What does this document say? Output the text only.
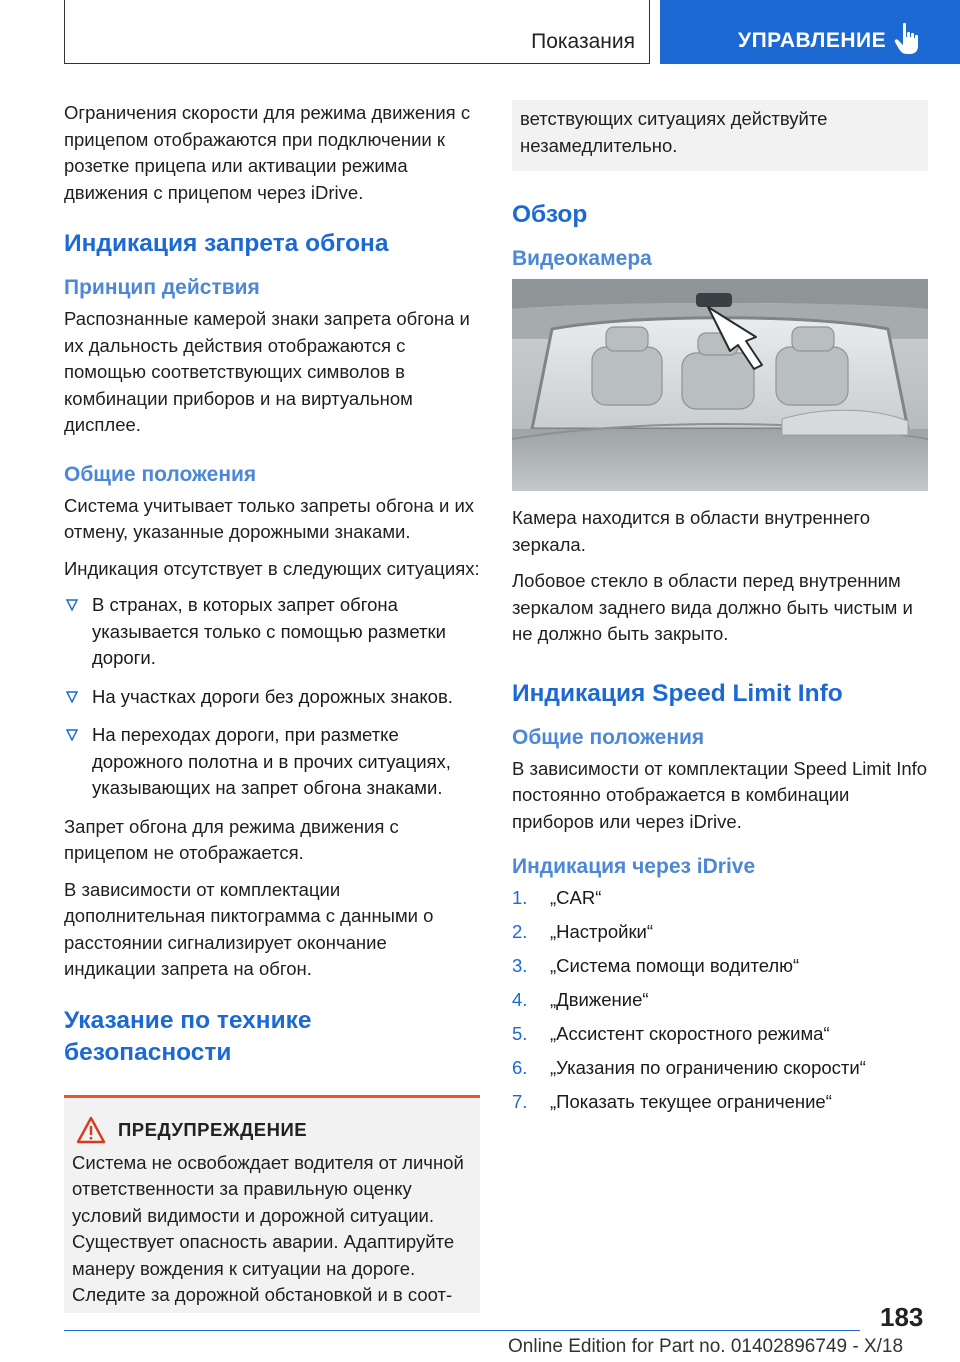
Показания	УПРАВЛЕНИЕ

Ограничения скорости для режима движения с прицепом отображаются при подключении к розетке прицепа или активации режима движения с прицепом через iDrive.

Индикация запрета обгона
Принцип действия

Распознанные камерой знаки запрета обгона и их дальность действия отображаются с помощью соответствующих символов в комбинации приборов и на виртуальном дисплее.

Общие положения

Система учитывает только запреты обгона и их отмену, указанные дорожными знаками.

Индикация отсутствует в следующих ситуациях:

В странах, в которых запрет обгона указывается только с помощью разметки дороги.
На участках дороги без дорожных знаков.
На переходах дороги, при разметке дорожного полотна и в прочих ситуациях, указывающих на запрет обгона знаками.

Запрет обгона для режима движения с прицепом не отображается.

В зависимости от комплектации дополнительная пиктограмма с данными о расстоянии сигнализирует окончание индикации запрета на обгон.

Указание по технике безопасности
ПРЕДУПРЕЖДЕНИЕ

Система не освобождает водителя от личной ответственности за правильную оценку условий видимости и дорожной ситуации. Существует опасность аварии. Адаптируйте манеру вождения к ситуации на дороге. Следите за дорожной обстановкой и в соот-

ветствующих ситуациях действуйте незамедлительно.

Обзор
Видеокамера

Камера находится в области внутреннего зеркала.

Лобовое стекло в области перед внутренним зеркалом заднего вида должно быть чистым и не должно быть закрыто.

Индикация Speed Limit Info
Общие положения

В зависимости от комплектации Speed Limit Info постоянно отображается в комбинации приборов или через iDrive.

Индикация через iDrive
1. „CAR“
2. „Настройки“
3. „Система помощи водителю“
4. „Движение“
5. „Ассистент скоростного режима“
6. „Указания по ограничению скорости“
7. „Показать текущее ограничение“
183
Online Edition for Part no. 01402896749 - X/18
